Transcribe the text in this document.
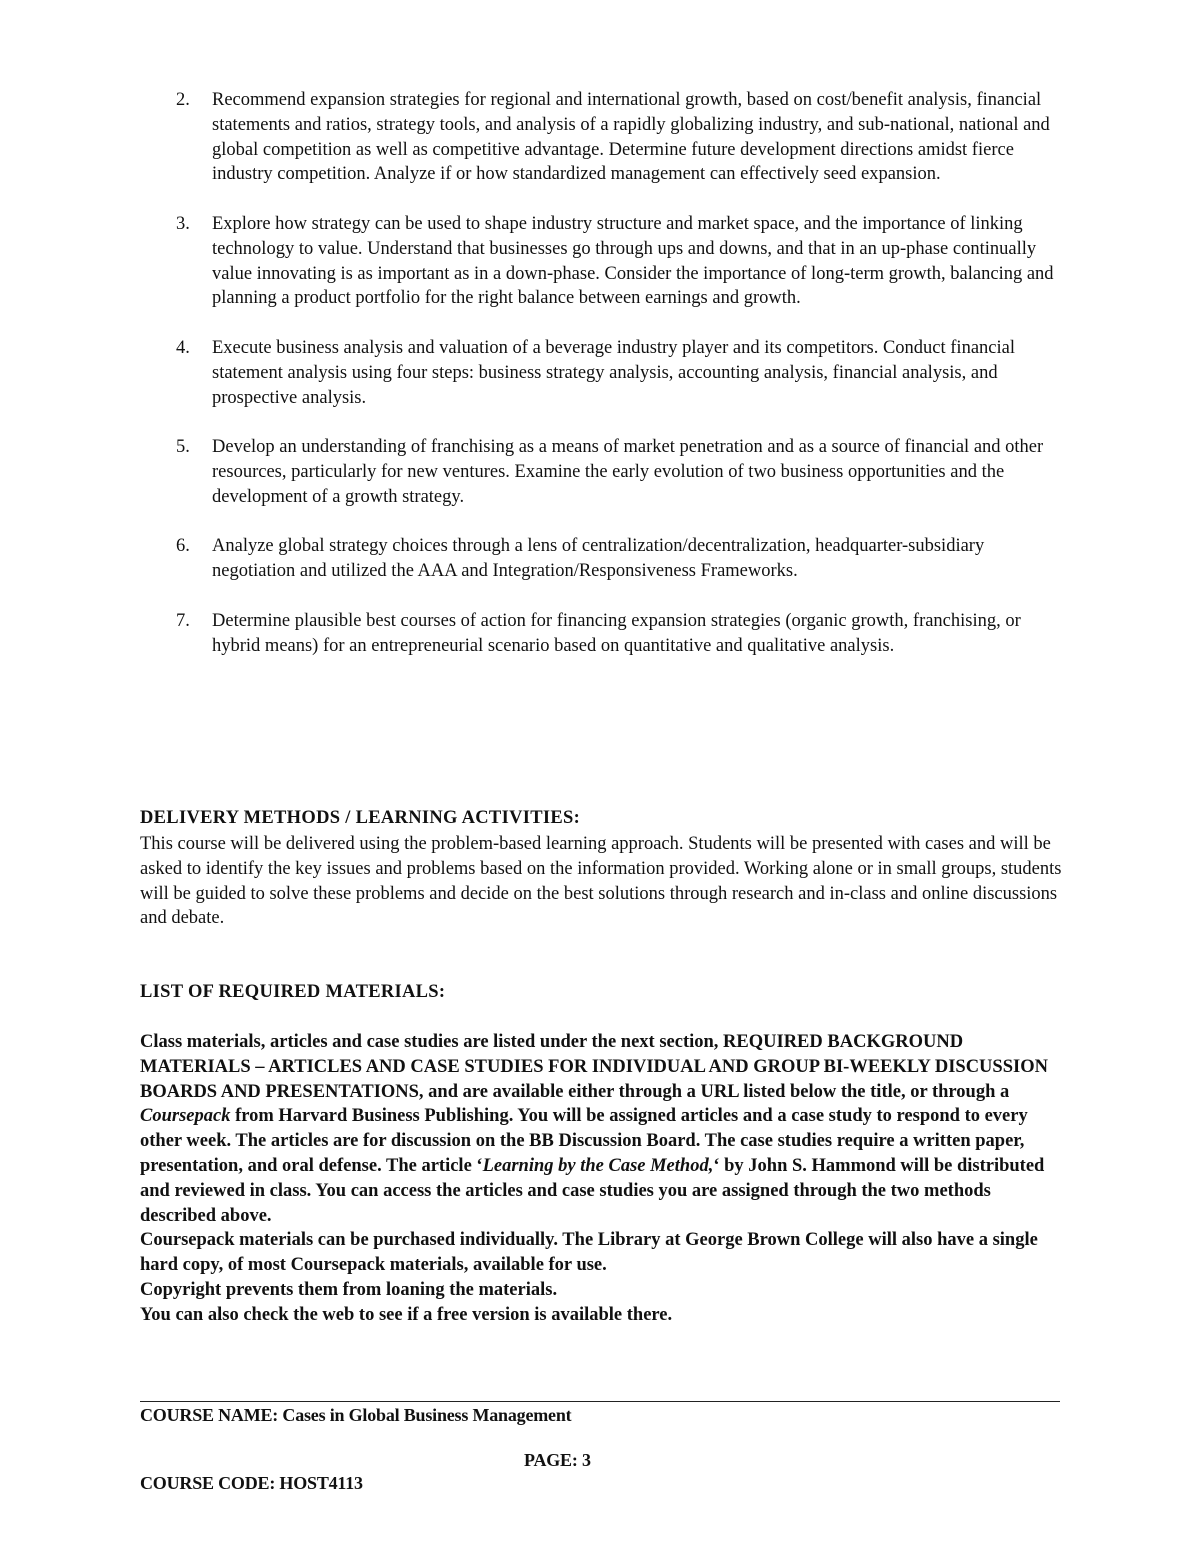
2. Recommend expansion strategies for regional and international growth, based on cost/benefit analysis, financial statements and ratios, strategy tools, and analysis of a rapidly globalizing industry, and sub-national, national and global competition as well as competitive advantage. Determine future development directions amidst fierce industry competition. Analyze if or how standardized management can effectively seed expansion.
3. Explore how strategy can be used to shape industry structure and market space, and the importance of linking technology to value. Understand that businesses go through ups and downs, and that in an up-phase continually value innovating is as important as in a down-phase. Consider the importance of long-term growth, balancing and planning a product portfolio for the right balance between earnings and growth.
4. Execute business analysis and valuation of a beverage industry player and its competitors. Conduct financial statement analysis using four steps: business strategy analysis, accounting analysis, financial analysis, and prospective analysis.
5. Develop an understanding of franchising as a means of market penetration and as a source of financial and other resources, particularly for new ventures. Examine the early evolution of two business opportunities and the development of a growth strategy.
6. Analyze global strategy choices through a lens of centralization/decentralization, headquarter-subsidiary negotiation and utilized the AAA and Integration/Responsiveness Frameworks.
7. Determine plausible best courses of action for financing expansion strategies (organic growth, franchising, or hybrid means) for an entrepreneurial scenario based on quantitative and qualitative analysis.
DELIVERY METHODS / LEARNING ACTIVITIES:

This course will be delivered using the problem-based learning approach. Students will be presented with cases and will be asked to identify the key issues and problems based on the information provided. Working alone or in small groups, students will be guided to solve these problems and decide on the best solutions through research and in-class and online discussions and debate.

LIST OF REQUIRED MATERIALS:

Class materials, articles and case studies are listed under the next section, REQUIRED BACKGROUND MATERIALS – ARTICLES AND CASE STUDIES FOR INDIVIDUAL AND GROUP BI-WEEKLY DISCUSSION BOARDS AND PRESENTATIONS, and are available either through a URL listed below the title, or through a Coursepack from Harvard Business Publishing. You will be assigned articles and a case study to respond to every other week. The articles are for discussion on the BB Discussion Board. The case studies require a written paper, presentation, and oral defense. The article ‘Learning by the Case Method,‘ by John S. Hammond will be distributed and reviewed in class. You can access the articles and case studies you are assigned through the two methods described above.

Coursepack materials can be purchased individually. The Library at George Brown College will also have a single hard copy, of most Coursepack materials, available for use.

Copyright prevents them from loaning the materials.

You can also check the web to see if a free version is available there.

COURSE NAME: Cases in Global Business Management
PAGE: 3
COURSE CODE: HOST4113
